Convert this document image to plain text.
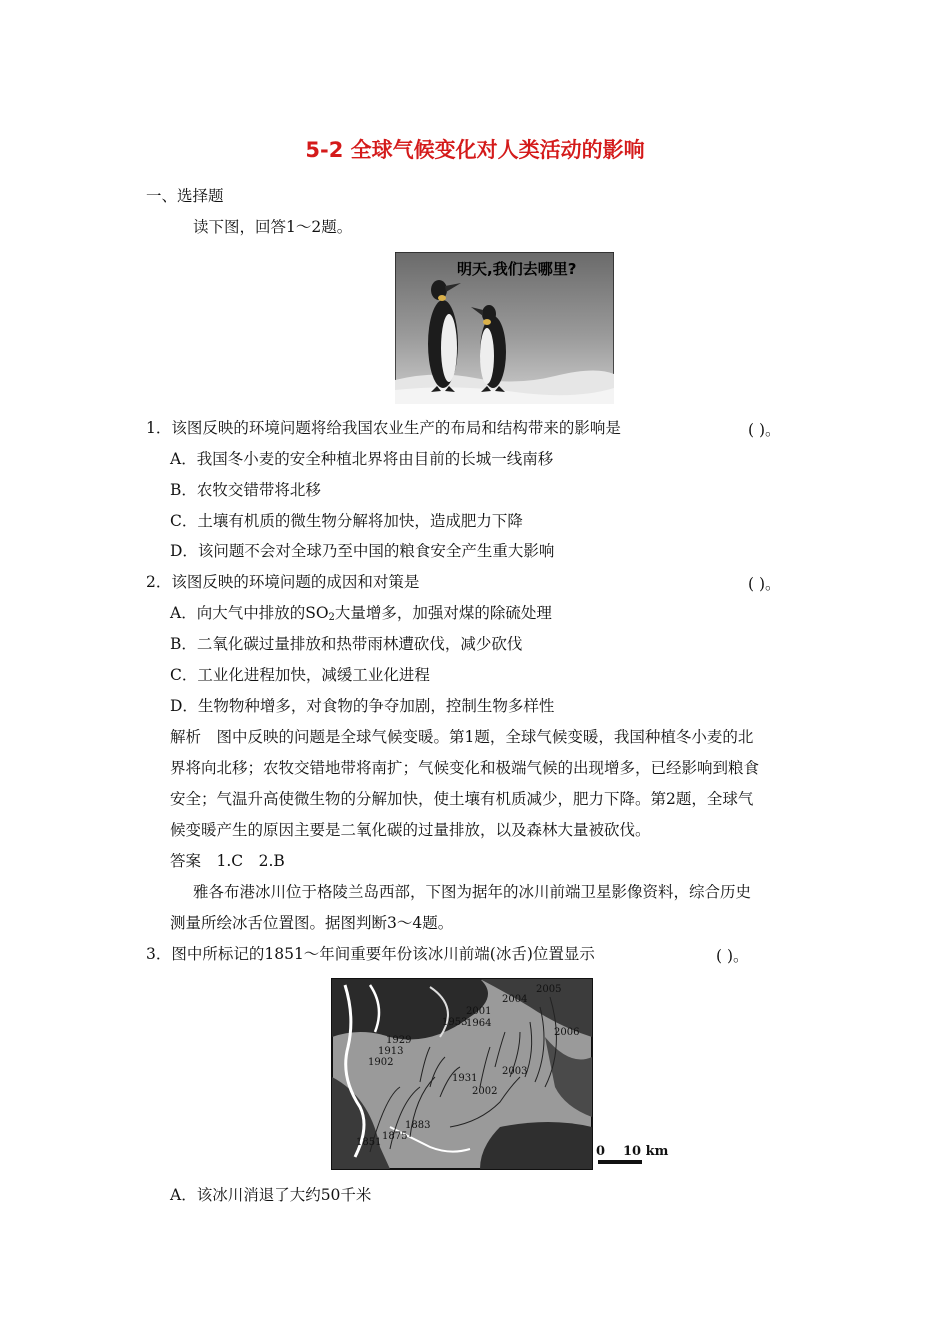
5-2 全球气候变化对人类活动的影响
一、选择题
读下图，回答1～2题。
明天,我们去哪里?
1．该图反映的环境问题将给我国农业生产的布局和结构带来的影响是	( )。
A．我国冬小麦的安全种植北界将由目前的长城一线南移
B．农牧交错带将北移
C．土壤有机质的微生物分解将加快，造成肥力下降
D．该问题不会对全球乃至中国的粮食安全产生重大影响
2．该图反映的环境问题的成因和对策是	( )。
A．向大气中排放的$SO_2$大量增多，加强对煤的除硫处理
B．二氧化碳过量排放和热带雨林遭砍伐，减少砍伐
C．工业化进程加快，减缓工业化进程
D．生物物种增多，对食物的争夺加剧，控制生物多样性
解析　图中反映的问题是全球气候变暖。第1题，全球气候变暖，我国种植冬小麦的北
界将向北移；农牧交错地带将南扩；气候变化和极端气候的出现增多，已经影响到粮食
安全；气温升高使微生物的分解加快，使土壤有机质减少，肥力下降。第2题，全球气
候变暖产生的原因主要是二氧化碳的过量排放，以及森林大量被砍伐。
答案　1.C　2.B
雅各布港冰川位于格陵兰岛西部，下图为据年的冰川前端卫星影像资料，综合历史
测量所绘冰舌位置图。据图判断3～4题。
3．图中所标记的1851～年间重要年份该冰川前端(冰舌)位置显示	( )。
2005
2004
2001
1953
1964
2006
1929
1913
1902
2003
1931
2002
1883
1875
1851
0 10 km
A．该冰川消退了大约50千米
